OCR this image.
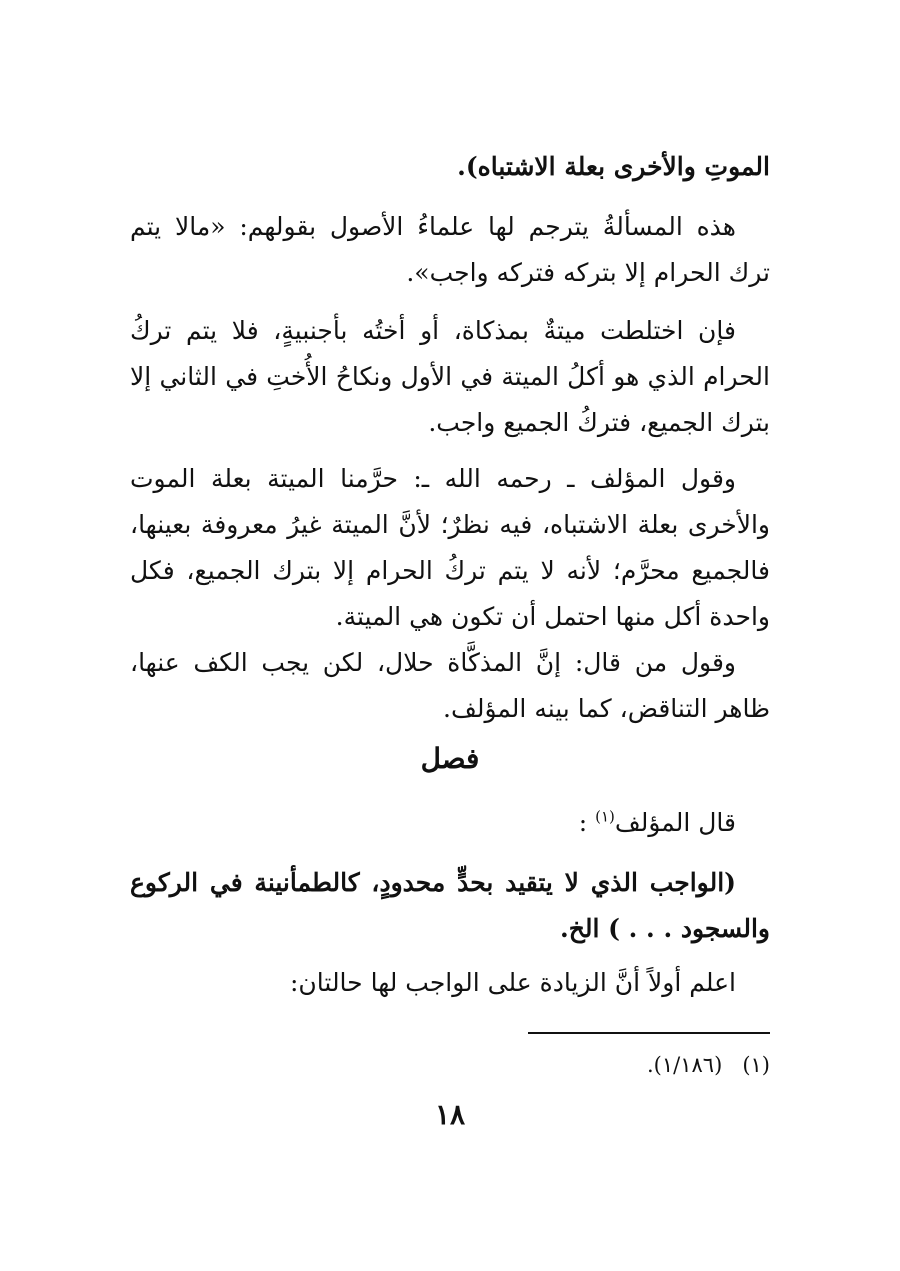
الموتِ والأخرى بعلة الاشتباه).

هذه المسألةُ يترجم لها علماءُ الأصول بقولهم: «مالا يتم ترك الحرام إلا بتركه فتركه واجب».

فإن اختلطت ميتةٌ بمذكاة، أو أختُه بأجنبيةٍ، فلا يتم تركُ الحرام الذي هو أكلُ الميتة في الأول ونكاحُ الأُختِ في الثاني إلا بترك الجميع، فتركُ الجميع واجب.

وقول المؤلف ـ رحمه الله ـ: حرَّمنا الميتة بعلة الموت والأخرى بعلة الاشتباه، فيه نظرٌ؛ لأنَّ الميتة غيرُ معروفة بعينها، فالجميع محرَّم؛ لأنه لا يتم تركُ الحرام إلا بترك الجميع، فكل واحدة أكل منها احتمل أن تكون هي الميتة.

وقول من قال: إنَّ المذكَّاة حلال، لكن يجب الكف عنها، ظاهر التناقض، كما بينه المؤلف.

فصل

قال المؤلف$^{(١)}$ :

(الواجب الذي لا يتقيد بحدٍّ محدودٍ، كالطمأنينة في الركوع والسجود . . . ) الخ.

اعلم أولاً أنَّ الزيادة على الواجب لها حالتان:

(١)   (١/١٨٦).
١٨
